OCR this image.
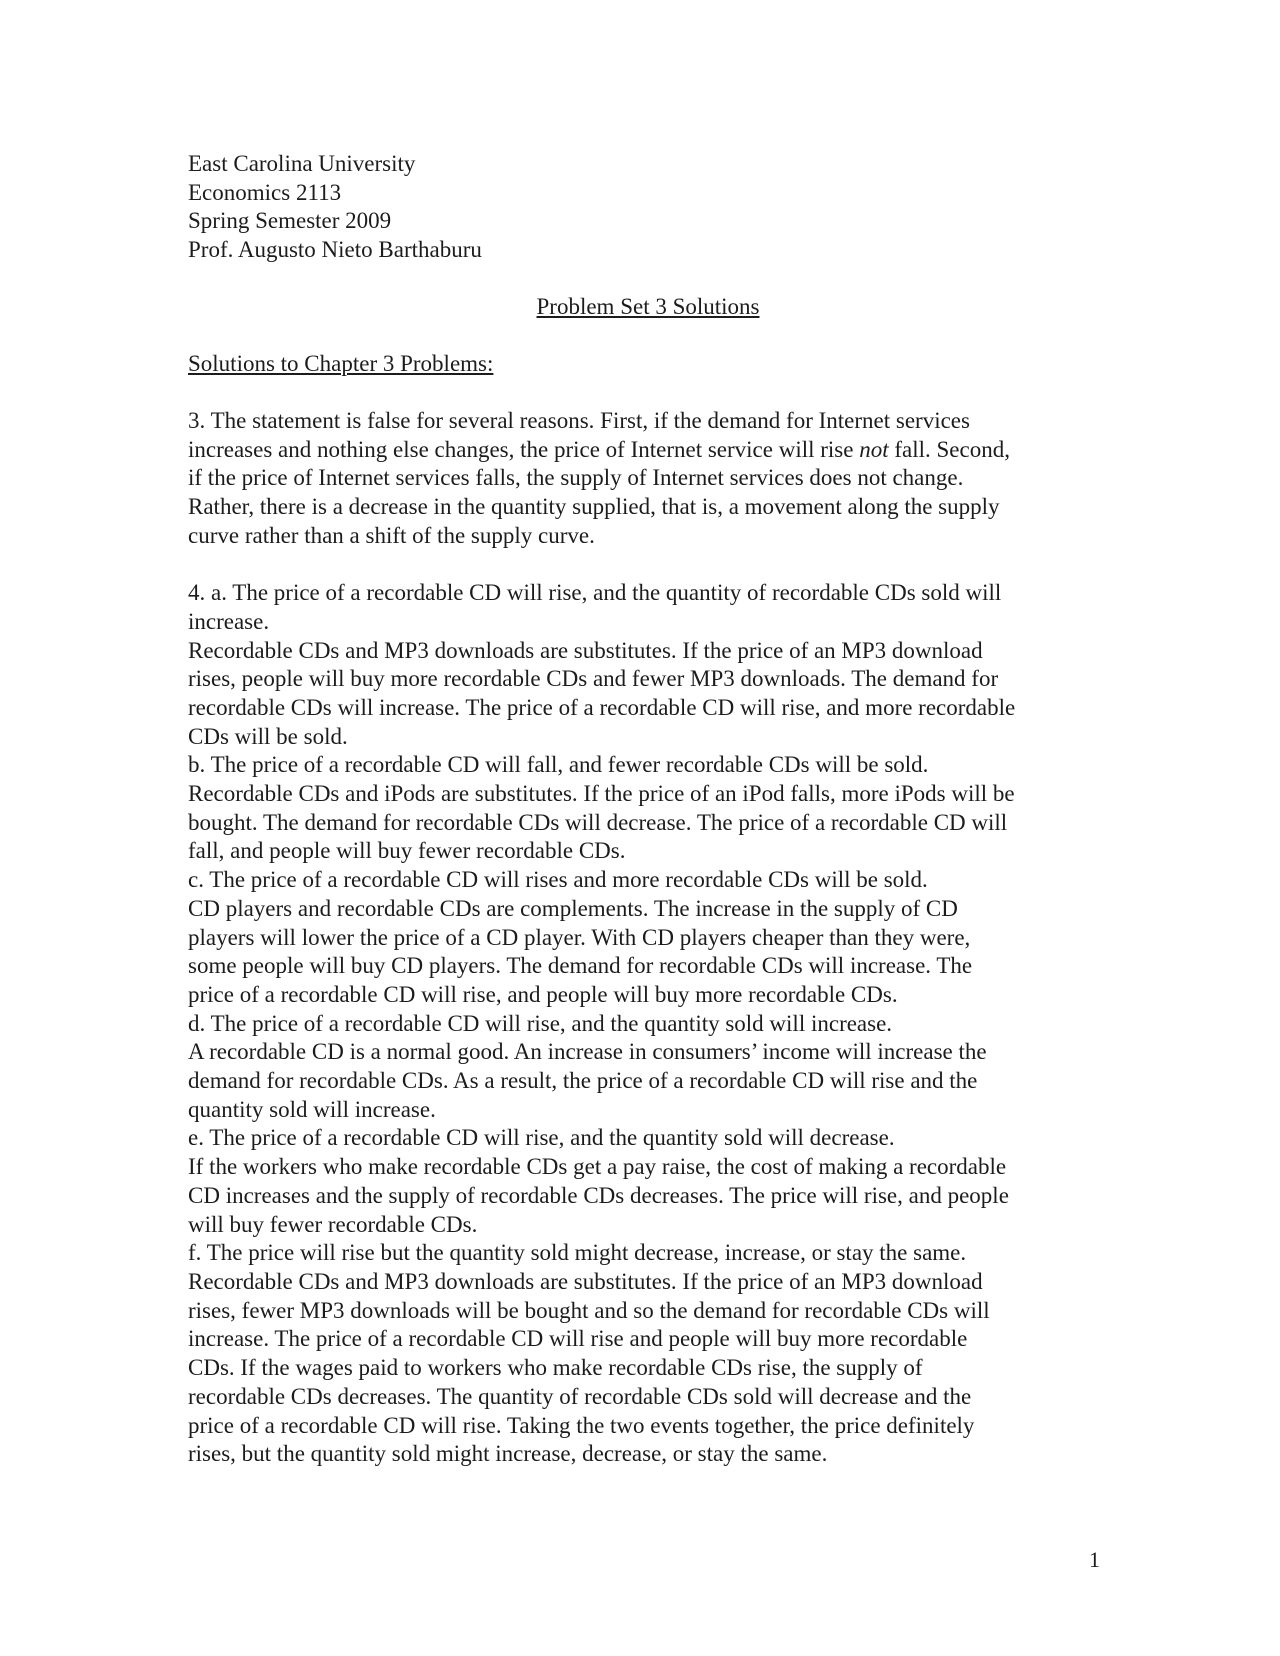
East Carolina University
Economics 2113
Spring Semester 2009
Prof. Augusto Nieto Barthaburu
Problem Set 3 Solutions
Solutions to Chapter 3 Problems:
3. The statement is false for several reasons. First, if the demand for Internet services
increases and nothing else changes, the price of Internet service will rise not fall. Second,
if the price of Internet services falls, the supply of Internet services does not change.
Rather, there is a decrease in the quantity supplied, that is, a movement along the supply
curve rather than a shift of the supply curve.
4. a. The price of a recordable CD will rise, and the quantity of recordable CDs sold will
increase.
Recordable CDs and MP3 downloads are substitutes. If the price of an MP3 download
rises, people will buy more recordable CDs and fewer MP3 downloads. The demand for
recordable CDs will increase. The price of a recordable CD will rise, and more recordable
CDs will be sold.
b. The price of a recordable CD will fall, and fewer recordable CDs will be sold.
Recordable CDs and iPods are substitutes. If the price of an iPod falls, more iPods will be
bought. The demand for recordable CDs will decrease. The price of a recordable CD will
fall, and people will buy fewer recordable CDs.
c. The price of a recordable CD will rises and more recordable CDs will be sold.
CD players and recordable CDs are complements. The increase in the supply of CD
players will lower the price of a CD player. With CD players cheaper than they were,
some people will buy CD players. The demand for recordable CDs will increase. The
price of a recordable CD will rise, and people will buy more recordable CDs.
d. The price of a recordable CD will rise, and the quantity sold will increase.
A recordable CD is a normal good. An increase in consumers’ income will increase the
demand for recordable CDs. As a result, the price of a recordable CD will rise and the
quantity sold will increase.
e. The price of a recordable CD will rise, and the quantity sold will decrease.
If the workers who make recordable CDs get a pay raise, the cost of making a recordable
CD increases and the supply of recordable CDs decreases. The price will rise, and people
will buy fewer recordable CDs.
f. The price will rise but the quantity sold might decrease, increase, or stay the same.
Recordable CDs and MP3 downloads are substitutes. If the price of an MP3 download
rises, fewer MP3 downloads will be bought and so the demand for recordable CDs will
increase. The price of a recordable CD will rise and people will buy more recordable
CDs. If the wages paid to workers who make recordable CDs rise, the supply of
recordable CDs decreases. The quantity of recordable CDs sold will decrease and the
price of a recordable CD will rise. Taking the two events together, the price definitely
rises, but the quantity sold might increase, decrease, or stay the same.
1
